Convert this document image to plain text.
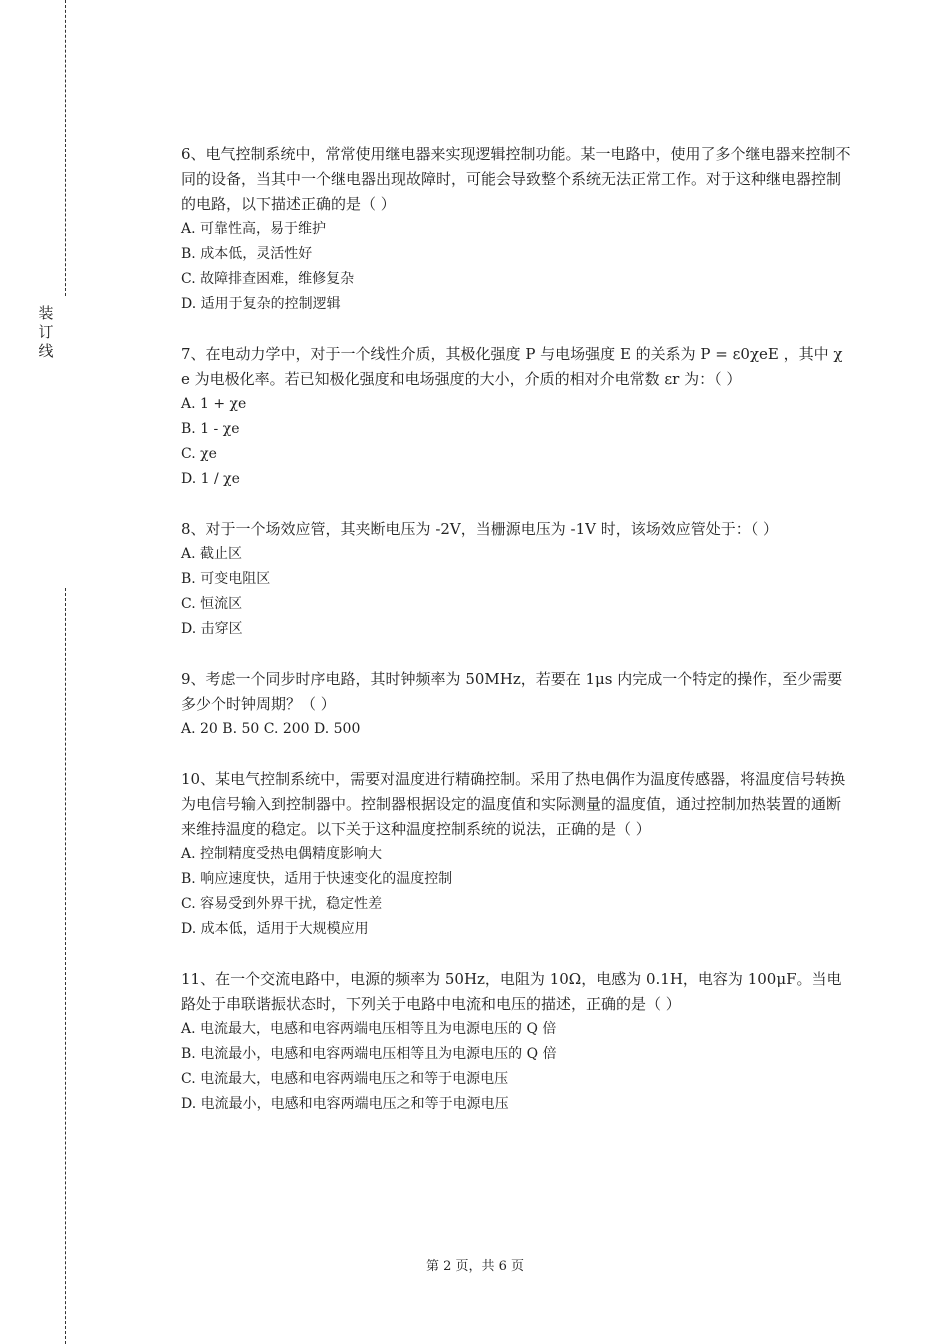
装
订
线

6、电气控制系统中，常常使用继电器来实现逻辑控制功能。某一电路中，使用了多个继电器来控制不同的设备，当其中一个继电器出现故障时，可能会导致整个系统无法正常工作。对于这种继电器控制的电路，以下描述正确的是（ ）

A. 可靠性高，易于维护
B. 成本低，灵活性好
C. 故障排查困难，维修复杂
D. 适用于复杂的控制逻辑

7、在电动力学中，对于一个线性介质，其极化强度 P 与电场强度 E 的关系为 P = ε0χeE ，其中 χe 为电极化率。若已知极化强度和电场强度的大小，介质的相对介电常数 εr 为：（ ）

A. 1 + χe
B. 1 - χe
C. χe
D. 1 / χe

8、对于一个场效应管，其夹断电压为 -2V，当栅源电压为 -1V 时，该场效应管处于：（ ）

A. 截止区
B. 可变电阻区
C. 恒流区
D. 击穿区

9、考虑一个同步时序电路，其时钟频率为 50MHz，若要在 1μs 内完成一个特定的操作，至少需要多少个时钟周期？（ ）

A. 20 B. 50 C. 200 D. 500

10、某电气控制系统中，需要对温度进行精确控制。采用了热电偶作为温度传感器，将温度信号转换为电信号输入到控制器中。控制器根据设定的温度值和实际测量的温度值，通过控制加热装置的通断来维持温度的稳定。以下关于这种温度控制系统的说法，正确的是（ ）

A. 控制精度受热电偶精度影响大
B. 响应速度快，适用于快速变化的温度控制
C. 容易受到外界干扰，稳定性差
D. 成本低，适用于大规模应用

11、在一个交流电路中，电源的频率为 50Hz，电阻为 10Ω，电感为 0.1H，电容为 100μF。当电路处于串联谐振状态时，下列关于电路中电流和电压的描述，正确的是（ ）

A. 电流最大，电感和电容两端电压相等且为电源电压的 Q 倍
B. 电流最小，电感和电容两端电压相等且为电源电压的 Q 倍
C. 电流最大，电感和电容两端电压之和等于电源电压
D. 电流最小，电感和电容两端电压之和等于电源电压
第 2 页，共 6 页
